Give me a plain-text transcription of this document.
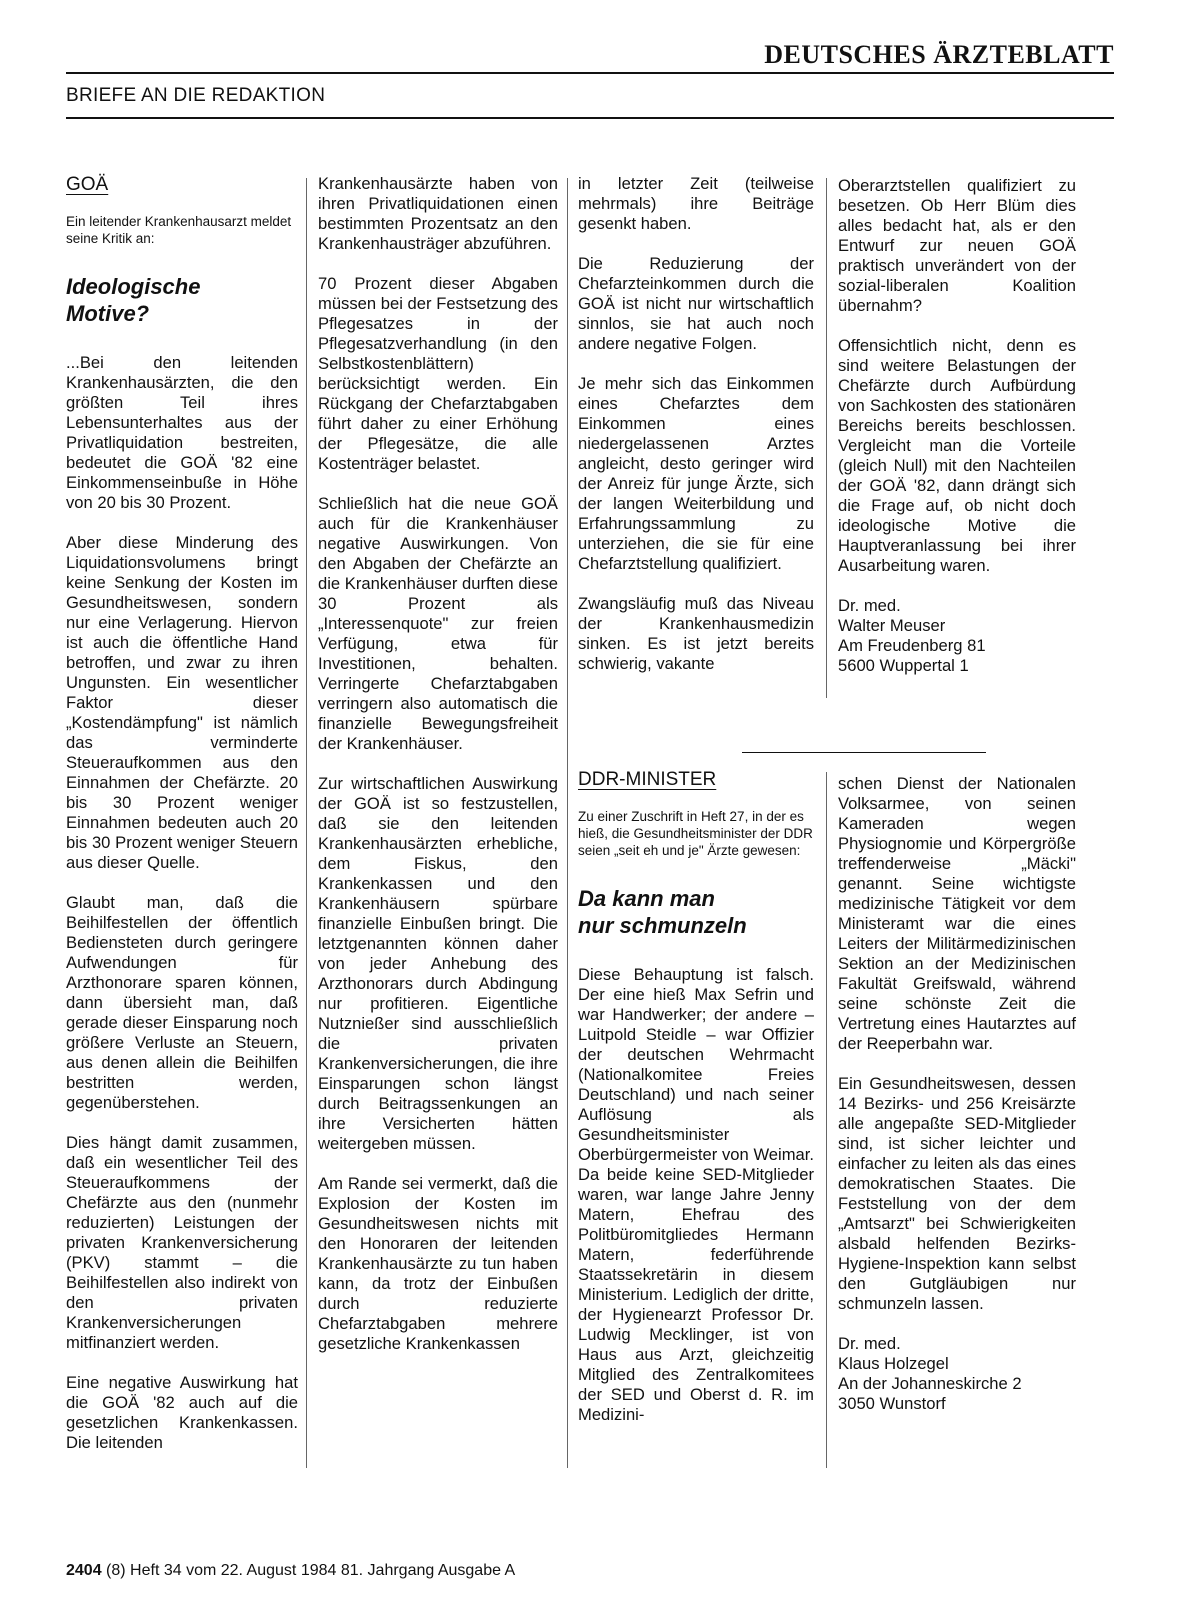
DEUTSCHES ÄRZTEBLATT
BRIEFE AN DIE REDAKTION
GOÄ
Ein leitender Krankenhausarzt meldet seine Kritik an:
Ideologische
Motive?

...Bei den leitenden Krankenhausärzten, die den größten Teil ihres Lebensunterhaltes aus der Privatliquidation bestreiten, bedeutet die GOÄ '82 eine Einkommenseinbuße in Höhe von 20 bis 30 Prozent.

Aber diese Minderung des Liquidationsvolumens bringt keine Senkung der Kosten im Gesundheitswesen, sondern nur eine Verlagerung. Hiervon ist auch die öffentliche Hand betroffen, und zwar zu ihren Ungunsten. Ein wesentlicher Faktor dieser „Kostendämpfung" ist nämlich das verminderte Steueraufkommen aus den Einnahmen der Chefärzte. 20 bis 30 Prozent weniger Einnahmen bedeuten auch 20 bis 30 Prozent weniger Steuern aus dieser Quelle.

Glaubt man, daß die Beihilfestellen der öffentlich Bediensteten durch geringere Aufwendungen für Arzthonorare sparen können, dann übersieht man, daß gerade dieser Einsparung noch größere Verluste an Steuern, aus denen allein die Beihilfen bestritten werden, gegenüberstehen.

Dies hängt damit zusammen, daß ein wesentlicher Teil des Steueraufkommens der Chefärzte aus den (nunmehr reduzierten) Leistungen der privaten Krankenversicherung (PKV) stammt – die Beihilfestellen also indirekt von den privaten Krankenversicherungen mitfinanziert werden.

Eine negative Auswirkung hat die GOÄ '82 auch auf die gesetzlichen Krankenkassen. Die leitenden

Krankenhausärzte haben von ihren Privatliquidationen einen bestimmten Prozentsatz an den Krankenhausträger abzuführen.

70 Prozent dieser Abgaben müssen bei der Festsetzung des Pflegesatzes in der Pflegesatzverhandlung (in den Selbstkostenblättern) berücksichtigt werden. Ein Rückgang der Chefarztabgaben führt daher zu einer Erhöhung der Pflegesätze, die alle Kostenträger belastet.

Schließlich hat die neue GOÄ auch für die Krankenhäuser negative Auswirkungen. Von den Abgaben der Chefärzte an die Krankenhäuser durften diese 30 Prozent als „Interessenquote" zur freien Verfügung, etwa für Investitionen, behalten. Verringerte Chefarztabgaben verringern also automatisch die finanzielle Bewegungsfreiheit der Krankenhäuser.

Zur wirtschaftlichen Auswirkung der GOÄ ist so festzustellen, daß sie den leitenden Krankenhausärzten erhebliche, dem Fiskus, den Krankenkassen und den Krankenhäusern spürbare finanzielle Einbußen bringt. Die letztgenannten können daher von jeder Anhebung des Arzthonorars durch Abdingung nur profitieren. Eigentliche Nutznießer sind ausschließlich die privaten Krankenversicherungen, die ihre Einsparungen schon längst durch Beitragssenkungen an ihre Versicherten hätten weitergeben müssen.

Am Rande sei vermerkt, daß die Explosion der Kosten im Gesundheitswesen nichts mit den Honoraren der leitenden Krankenhausärzte zu tun haben kann, da trotz der Einbußen durch reduzierte Chefarztabgaben mehrere gesetzliche Krankenkassen

in letzter Zeit (teilweise mehrmals) ihre Beiträge gesenkt haben.

Die Reduzierung der Chefarzteinkommen durch die GOÄ ist nicht nur wirtschaftlich sinnlos, sie hat auch noch andere negative Folgen.

Je mehr sich das Einkommen eines Chefarztes dem Einkommen eines niedergelassenen Arztes angleicht, desto geringer wird der Anreiz für junge Ärzte, sich der langen Weiterbildung und Erfahrungssammlung zu unterziehen, die sie für eine Chefarztstellung qualifiziert.

Zwangsläufig muß das Niveau der Krankenhausmedizin sinken. Es ist jetzt bereits schwierig, vakante

Oberarztstellen qualifiziert zu besetzen. Ob Herr Blüm dies alles bedacht hat, als er den Entwurf zur neuen GOÄ praktisch unverändert von der sozial-liberalen Koalition übernahm?

Offensichtlich nicht, denn es sind weitere Belastungen der Chefärzte durch Aufbürdung von Sachkosten des stationären Bereichs bereits beschlossen. Vergleicht man die Vorteile (gleich Null) mit den Nachteilen der GOÄ '82, dann drängt sich die Frage auf, ob nicht doch ideologische Motive die Hauptveranlassung bei ihrer Ausarbeitung waren.

Dr. med.

Walter Meuser

Am Freudenberg 81

5600 Wuppertal 1

DDR-MINISTER
Zu einer Zuschrift in Heft 27, in der es hieß, die Gesundheitsminister der DDR seien „seit eh und je" Ärzte gewesen:
Da kann man
nur schmunzeln

Diese Behauptung ist falsch. Der eine hieß Max Sefrin und war Handwerker; der andere – Luitpold Steidle – war Offizier der deutschen Wehrmacht (Nationalkomitee Freies Deutschland) und nach seiner Auflösung als Gesundheitsminister Oberbürgermeister von Weimar. Da beide keine SED-Mitglieder waren, war lange Jahre Jenny Matern, Ehefrau des Politbüromitgliedes Hermann Matern, federführende Staatssekretärin in diesem Ministerium. Lediglich der dritte, der Hygienearzt Professor Dr. Ludwig Mecklinger, ist von Haus aus Arzt, gleichzeitig Mitglied des Zentralkomitees der SED und Oberst d. R. im Medizini-

schen Dienst der Nationalen Volksarmee, von seinen Kameraden wegen Physiognomie und Körpergröße treffenderweise „Mäcki" genannt. Seine wichtigste medizinische Tätigkeit vor dem Ministeramt war die eines Leiters der Militärmedizinischen Sektion an der Medizinischen Fakultät Greifswald, während seine schönste Zeit die Vertretung eines Hautarztes auf der Reeperbahn war.

Ein Gesundheitswesen, dessen 14 Bezirks- und 256 Kreisärzte alle angepaßte SED-Mitglieder sind, ist sicher leichter und einfacher zu leiten als das eines demokratischen Staates. Die Feststellung von der dem „Amtsarzt" bei Schwierigkeiten alsbald helfenden Bezirks-Hygiene-Inspektion kann selbst den Gutgläubigen nur schmunzeln lassen.

Dr. med.

Klaus Holzegel

An der Johanneskirche 2

3050 Wunstorf

2404 (8) Heft 34 vom 22. August 1984 81. Jahrgang Ausgabe A
